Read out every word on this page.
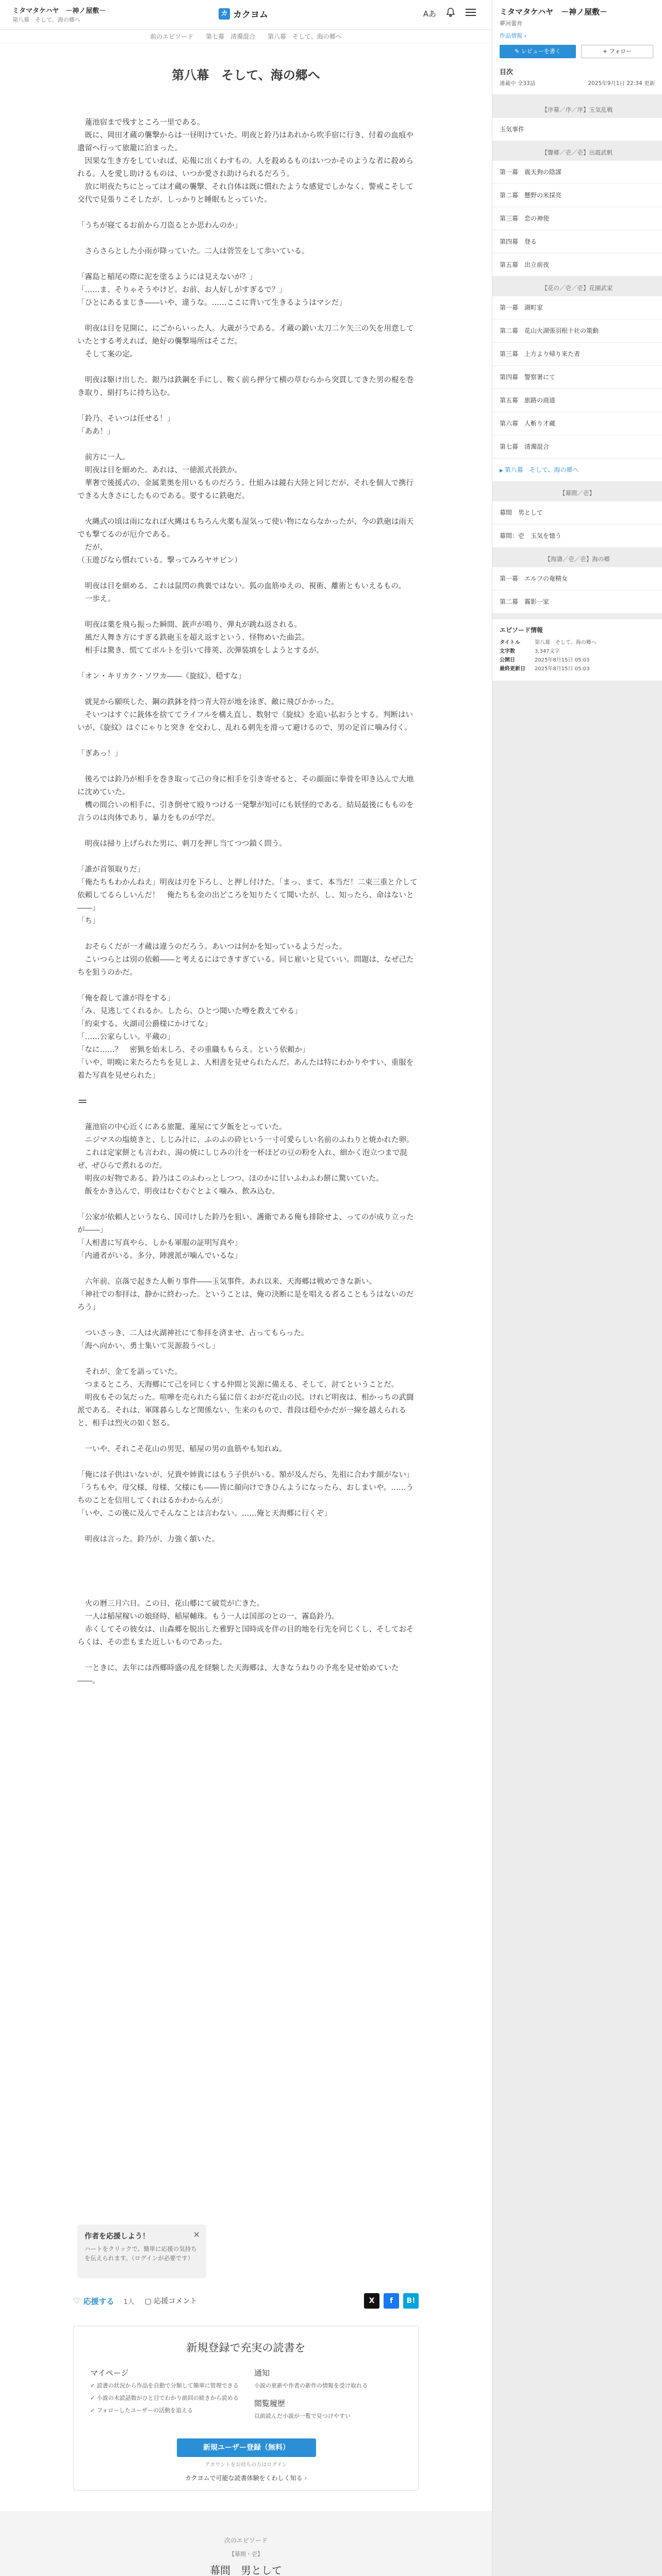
ミタマタケハヤ　－神ノ屋敷－
第八幕　そして、海の郷へ
カ カクヨム	Aあ
前のエピソード 第七幕　清濁混合 第八幕　そして、海の郷へ
第八幕　そして、海の郷へ

　蓮池宿まで残すところ一里である。

　既に、岡田才蔵の襲撃からは一昼明けていた。明夜と鈴乃はあれから吹手宿に行き、付着の血痕や遺留へ行って旅籠に泊まった。

　因果な生き方をしていれば、応報に出くわすもの。人を殺めるものはいつかそのような者に殺められる。人を愛し助けるものは、いつか愛され助けられるだろう。

　放に明夜たちにとっては才蔵の襲撃、それ自体は既に慣れたような感覚でしかなく、警戒こそして交代で見張りこそしたが、しっかりと睡眠もとっていた。

「うちが寝てるお前から刀盗るとか思わんのか」

　さらさらとした小雨が降っていた。二人は菅笠をして歩いている。

「霧島と稲尾の際に泥を塗るようには見えないが？」

「……ま、そりゃそうやけど。お前、お人好しがすぎるで？」

「ひとにあるまじき――いや、違うな。……ここに背いて生きるようはマシだ」

　明夜は目を見開に、にごからいった人。大歳がうである。才蔵の鍛い太刀二ケ矢三の矢を用意していたとする考えれば、絶好の襲撃場所はそこだ。

　そして案の定。

　明夜は駆け出した。銀乃は鉄鋼を手にし、鞍く前ら押分て横の草むらから突貫してきた男の棍を巻き取り、絹打ちに持ち込む。

「鈴乃、そいつは任せる！」

「ああ！」

　前方に一人。

　明夜は目を細めた。あれは、一徳派式長鉄か。

　華奢で後援式の、金属業奥を用いるものだろう。仕組みは鏡右大陸と同じだが、それを個人で携行できる大きさにしたものである。要するに鉄砲だ。

　火縄式の頃は雨になれば火縄はもちろん火薬も湿気って使い物にならなかったが、今の鉄砲は雨天でも撃てるのが厄介である。

　だが、

（玉遊びなら慣れている。撃ってみろヤサビン）

　明夜は目を細める。これは鼠閃の典裏ではない。狐の血筋ゆえの、視術、離術ともいえるもの。

　一歩え。

　明夜は薬を飛ら振った瞬間、銃声が鳴り、弾丸が跳ね返される。

　風だ人舞き方にすぎる鉄砲玉を超え返すという、怪物めいた曲芸。

　相手は驚き、慌ててボルトを引いて排莢、次弾装填をしようとするが。

「オン・キリカク・ソワカ――《旋紋》、穏すな」

　就晃から願咲した、鋼の鉄鉢を持つ青大符が地を泳ぎ、敵に飛びかかった。

　そいつはすぐに銃体を捨ててライフルを構え直し、数射で《旋紋》を追い払おうとする。判断はいいが、《旋紋》はぐにゃりと突き を交わし、乱れる刺先を滑って避けるので、男の足首に噛み付く。

「ぎあっ！」

　後ろでは鈴乃が相手を巻き取って己の身に相手を引き寄せると、その顔面に拳骨を叩き込んで大地に沈めていた。

　機の間合いの相手に、引き倒せて殴りつける一発撃が知可にも妖怪的である。結局最後にもものを言うのは肉体であり、暴力をものが学だ。

　明夜は掃り上げられた男に、刺刀を押し当てつつ鎖く問う。

「誰が首領取りだ」

「俺たちもわかんねえ」明夜は刃を下ろし、と押し付けた。「まっ、まて、本当だ！二束三重と介して依頼してるらしいんだ！　俺たちも金の出どころを知りたくて聞いたが、し、知ったら、命はないと――」

「ち」

　おそらくだが一才蔵は違うのだろう。あいつは何かを知っているようだった。

　こいつらとは別の依頼――と考えるにはできすぎている。同じ雇いと見ていい。問題は、なぜ己たちを狙うのかだ。

「俺を殺して誰が得をする」

「み、見逃してくれるか。したら、ひとつ聞いた噂を教えてやる」

「約束する。火湖司公爵様にかけてな」

「……公家らしい。平蔵の」

「なに……？　密猟を始末しろ、その重職ももらえ。という依頼か」

「いや、明晩に来たろたちを見しよ、人相書を見せられたんだ。あんたは特にわかりやすい、重服を着た写真を見せられた」

＝

　蓮池宿の中心近くにある旅籠、蓮屋にて夕飯をとっていた。

　ニジマスの塩焼きと、しじみ汁に、ふのふの砕ヒいう一寸可愛らしい名前のふわりと焼かれた卵。

　これは定家餅とも言われ、湯の焼にしじみの汁を一杯ほどの豆の粉を入れ、細かく泡立つまで混ぜ、ぜひらで煮れるのだ。

　明夜の好物である。鈴乃はこのふわっとしつつ、ほのかに甘いふわふわ餅に驚いていた。

　飯をかき込んで、明夜はむぐむぐとよく噛み、飲み込む。

「公家が依頼人というなら、国司けした鈴乃を狙い、護衛である俺も排除せよ、ってのが成り立ったが――」

「人相書に写真やら、しかも軍服の証明写真や」

「内通者がいる。多分、陣渡派が噛んでいるな」

　六年前、京落で起きた人斬り事件――玉気事件。あれ以来、天海郷は戦めできな新い。

「神社での参拝は、静かに終わった。ということは、俺の決断に是を唱える者ることもうはないのだろう」

　ついさっき、二人は火湖神社にて参拝を済ませ、占ってもらった。

「海へ向かい、勇士集いて災源殺うべし」

　それが、金てを語っていた。

　つまるところ、天海郷にて己を同じくする仲間と災源に備える、そして、討てということだ。

　明夜もその気だった。喧嘩を売られたら猛に倍くおがだ花山の民。けれど明夜は、相かっちの武闘派である。それは、軍隊暮らしなど関係ない、生来のもので、普段は穏やかだが一線を越えられると、相手は烈火の如く怒る。

　一いや、それこそ花山の男児、稲屋の男の血筋やも知れぬ。

「俺には子供はいないが、兄貴や姉貴にはもう子供がいる。額が及んだら、先祖に合わす顔がない」

「うちもや。母父様、母様、父様にも――皆に顔向けできひんようになったら、おしまいや。……うちのことを信用してくれはるかわからんが」

「いや、この後に及んでそんなことは言わない。……俺と天海郷に行くぞ」

　明夜は言った。鈴乃が、力強く頷いた。

　火の暦三月六日。この日、花山郷にて破荒が亡きた。

　一人は稲屋稼いの娘経時、稲屋輔珠。もう一人は国部のとの一、霧島鈴乃。

　赤くしてその彼女は、山森郷を脱出した雅野と国時成を伴の目的地を行先を同じくし、そしておそらくは、その恋もまた近しいものであった。

　一ときに、去年には西郷時盛の乱を経験した天海郷は、大きなうねりの予兆を見せ始めていた――。

作者を応援しよう！
ハートをクリックで、簡単に応援の気持ちを伝えられます。（ログインが必要です）
✕
♡ 応援する 1人 ▢ 応援コメント	X	f	B!
新規登録で充実の読書を
マイページ
✓ 読書の状況から作品を自動で分類して簡単に管理できる
✓ 小説の未読話数がひと目でわかり前回の続きから読める
✓ フォローしたユーザーの活動を追える
通知
小説の更新や作者の新作の情報を受け取れる
閲覧履歴
以前読んだ小説が一覧で見つけやすい
新規ユーザー登録（無料）
アカウントをお持ちの方はログイン
カクヨムで可能な読書体験をくわしく知る ›
次のエピソード
【幕間・壱】
幕間　男として
ミタマタケハヤ　－神ノ屋敷－
夢河蕾舟
作品情報 ›
✎ レビューを書く	+ フォロー
目次
連載中 全33話	2025年9月1日 22:34 更新
【序幕／序／序】玉気乱戦
玉気事件
【響郷／壱／壱】出霞武帆
第一幕　震天狗の陰謀
第二幕　懸野の米採亮
第三幕　恋の神使
第四幕　登る
第五幕　出立前夜
【花の／壱／壱】花園武家
第一幕　湖町家
第二幕　花山火湖張羽根十社の策動
第三幕　上方より帰り来た者
第四幕　警察署にて
第五幕　旅路の商道
第六幕　人斬り才蔵
第七幕　清濁混合
▶ 第八幕　そして、海の郷へ
【幕間／壱】
幕間　男として
幕間：壱　玉気を憶う
【海濤／壱／壱】海の郷
第一幕　エルフの奄精女
第二幕　霧影一家
エピソード情報
タイトル	第八幕　そして、海の郷へ
文字数	3,347文字
公開日	2025年8月15日 05:03
最終更新日	2025年8月15日 05:03
